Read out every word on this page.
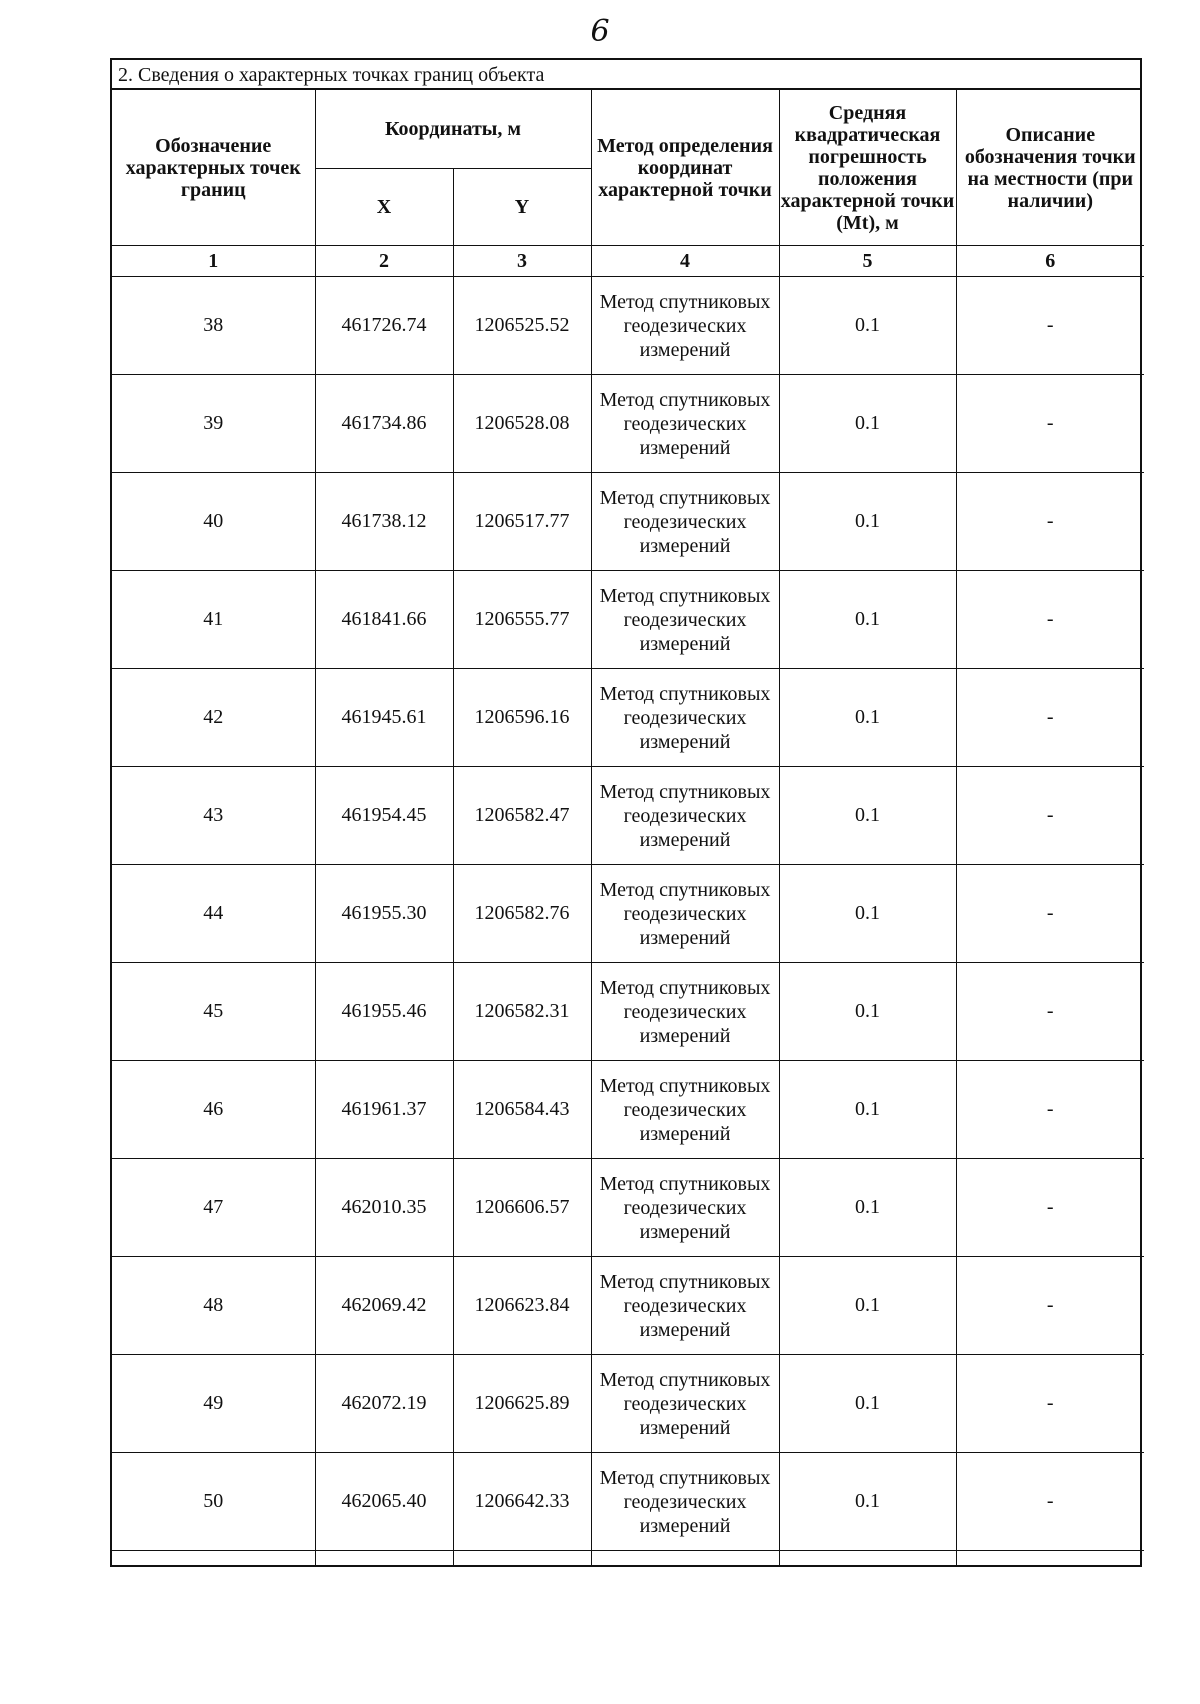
6
2. Сведения о характерных точках границ объекта
Обозначение характерных точек границ	Координаты, м		Метод определения координат характерной точки	Средняя квадратическая погрешность положения характерной точки (Mt), м	Описание обозначения точки на местности (при наличии)
	X	Y			
1	2	3	4	5	6
38	461726.74	1206525.52	Метод спутниковых геодезических измерений	0.1	-
39	461734.86	1206528.08	Метод спутниковых геодезических измерений	0.1	-
40	461738.12	1206517.77	Метод спутниковых геодезических измерений	0.1	-
41	461841.66	1206555.77	Метод спутниковых геодезических измерений	0.1	-
42	461945.61	1206596.16	Метод спутниковых геодезических измерений	0.1	-
43	461954.45	1206582.47	Метод спутниковых геодезических измерений	0.1	-
44	461955.30	1206582.76	Метод спутниковых геодезических измерений	0.1	-
45	461955.46	1206582.31	Метод спутниковых геодезических измерений	0.1	-
46	461961.37	1206584.43	Метод спутниковых геодезических измерений	0.1	-
47	462010.35	1206606.57	Метод спутниковых геодезических измерений	0.1	-
48	462069.42	1206623.84	Метод спутниковых геодезических измерений	0.1	-
49	462072.19	1206625.89	Метод спутниковых геодезических измерений	0.1	-
50	462065.40	1206642.33	Метод спутниковых геодезических измерений	0.1	-
